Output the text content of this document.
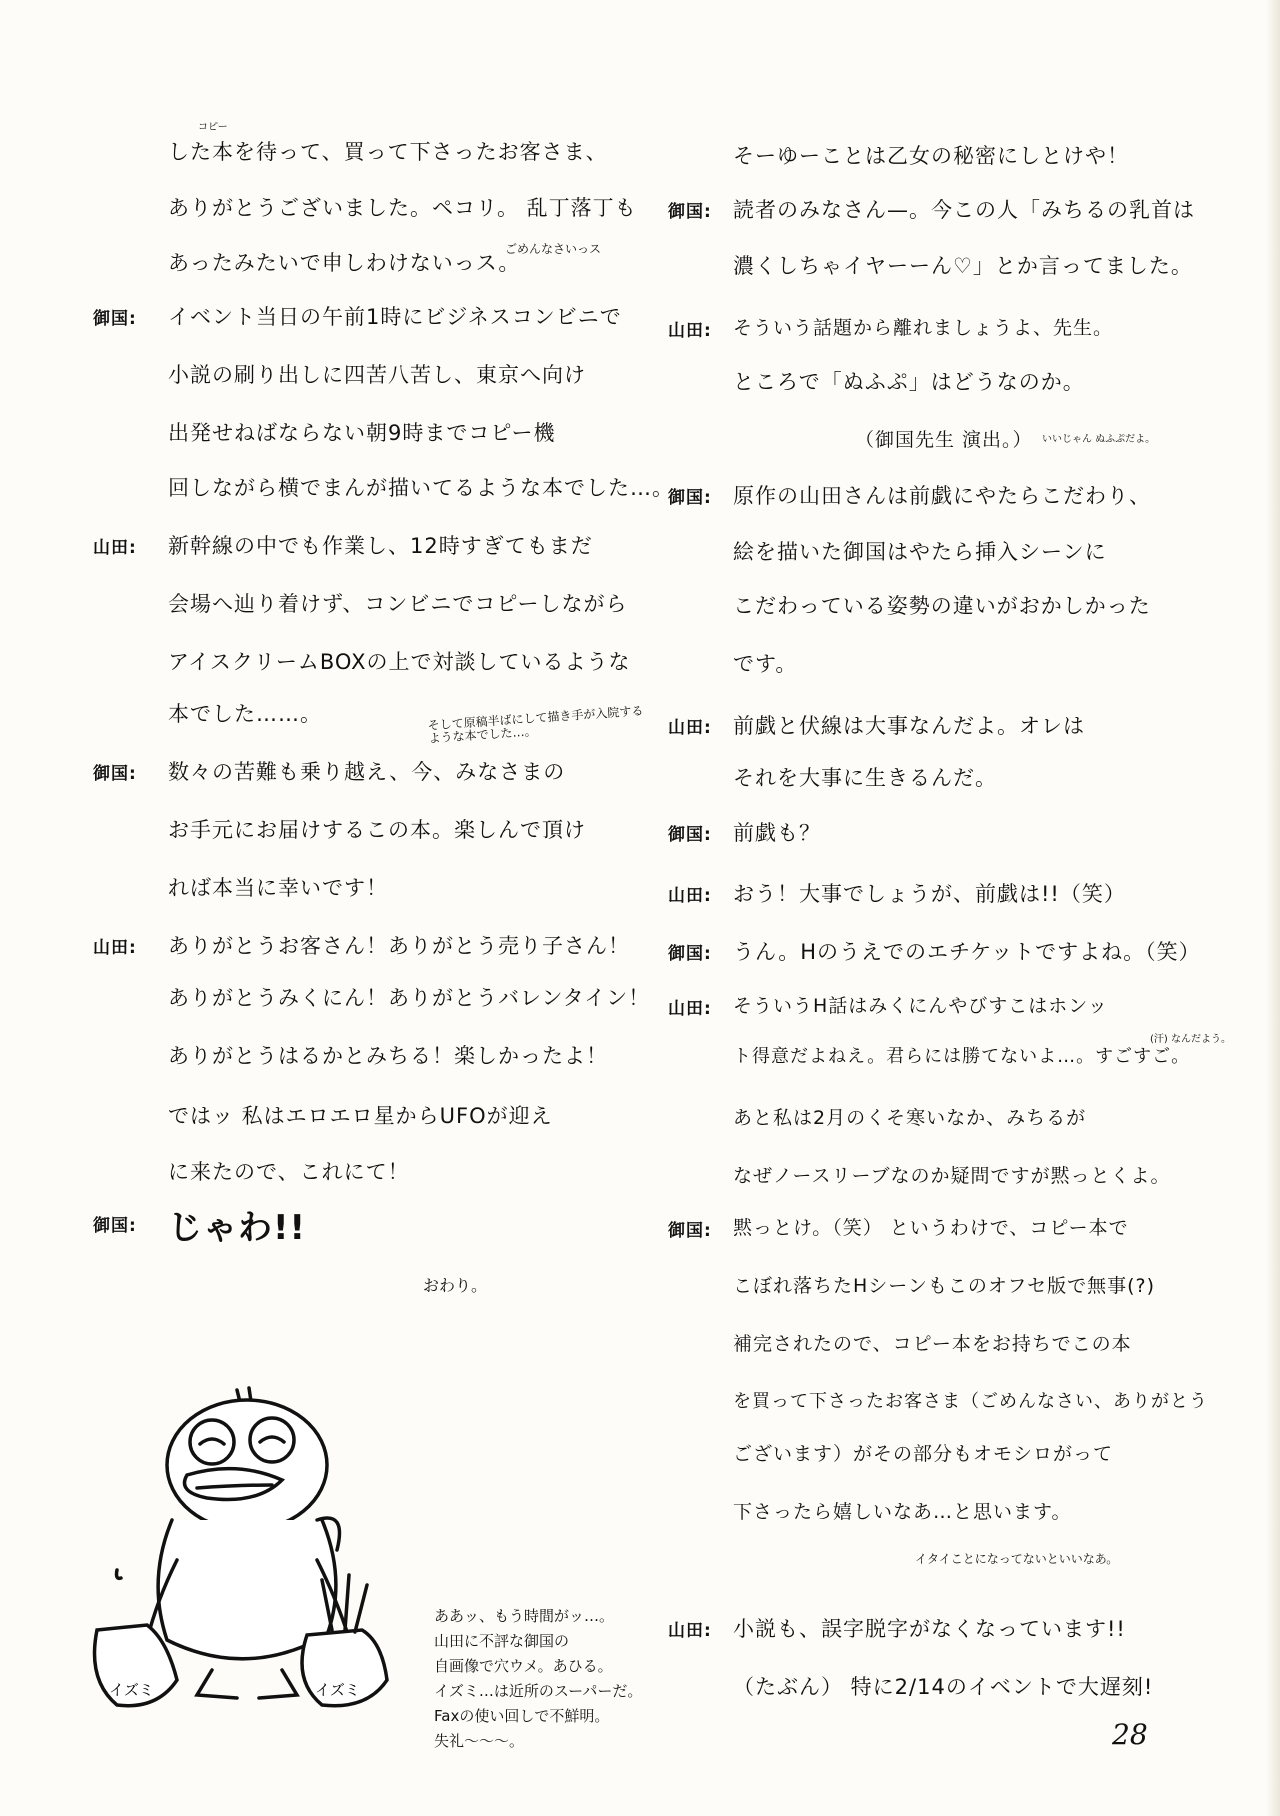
コピー
した本を待って、買って下さったお客さま、
ありがとうございました。ペコリ。 乱丁落丁も
あったみたいで申しわけないっス。
ごめんなさいっス
御国: イベント当日の午前1時にビジネスコンビニで
小説の刷り出しに四苦八苦し、東京へ向け
出発せねばならない朝9時までコピー機
回しながら横でまんが描いてるような本でした…。
山田: 新幹線の中でも作業し、12時すぎてもまだ
会場へ辿り着けず、コンビニでコピーしながら
アイスクリームBOXの上で対談しているような
本でした……。	そして原稿半ばにして描き手が入院するような本でした…。
御国: 数々の苦難も乗り越え、今、みなさまの
お手元にお届けするこの本。楽しんで頂け
れば本当に幸いです！
山田: ありがとうお客さん！ありがとう売り子さん！
ありがとうみくにん！ありがとうバレンタイン！
ありがとうはるかとみちる！楽しかったよ！
ではッ 私はエロエロ星からUFOが迎え
に来たので、これにて！
御国: じゃわ!!
おわり。
そーゆーことは乙女の秘密にしとけや！
御国: 読者のみなさん—。今この人「みちるの乳首は
濃くしちゃイヤーーん♡」とか言ってました。
山田: そういう話題から離れましょうよ、先生。
ところで「ぬふぷ」はどうなのか。
（御国先生 演出。） いいじゃん ぬふぷだよ。
御国: 原作の山田さんは前戯にやたらこだわり、
絵を描いた御国はやたら挿入シーンに
こだわっている姿勢の違いがおかしかった
です。
山田: 前戯と伏線は大事なんだよ。オレは
それを大事に生きるんだ。
御国: 前戯も？
山田: おう！大事でしょうが、前戯は!!（笑）
御国: うん。Hのうえでのエチケットですよね。（笑）
山田: そういうH話はみくにんやびすこはホンッ
ト得意だよねえ。君らには勝てないよ…。すごすご。
(汗) なんだよう。
あと私は2月のくそ寒いなか、みちるが
なぜノースリーブなのか疑問ですが黙っとくよ。
御国: 黙っとけ。（笑） というわけで、コピー本で
こぼれ落ちたHシーンもこのオフセ版で無事(?)
補完されたので、コピー本をお持ちでこの本
を買って下さったお客さま（ごめんなさい、ありがとう
ございます）がその部分もオモシロがって
下さったら嬉しいなあ…と思います。
イタイことになってないといいなあ。
山田: 小説も、誤字脱字がなくなっています!!
（たぶん） 特に2/14のイベントで大遅刻!
イズミ	イズミ
ああッ、もう時間がッ…。
山田に不評な御国の
自画像で穴ウメ。あひる。
イズミ…は近所のスーパーだ。
Faxの使い回しで不鮮明。
失礼〜〜〜。	28
